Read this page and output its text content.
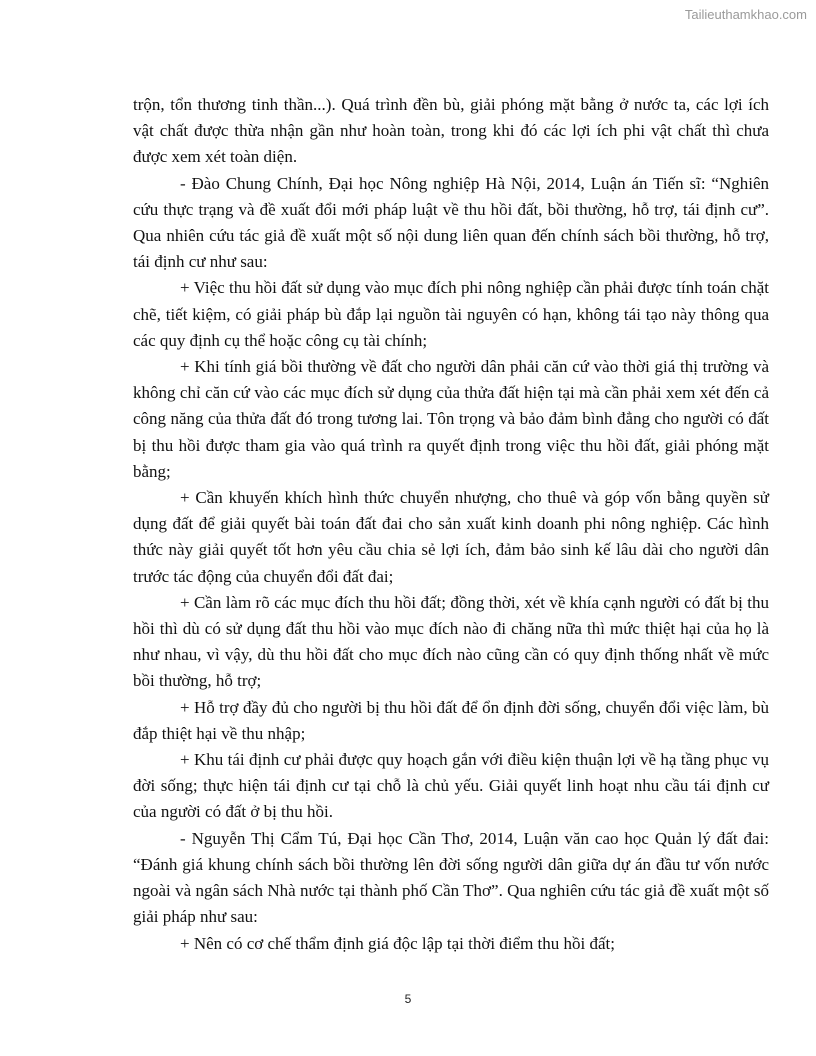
Tailieuthamkhao.com

trộn, tổn thương tinh thần...). Quá trình đền bù, giải phóng mặt bằng ở nước ta, các lợi ích vật chất được thừa nhận gần như hoàn toàn, trong khi đó các lợi ích phi vật chất thì chưa được xem xét toàn diện.

- Đào Chung Chính, Đại học Nông nghiệp Hà Nội, 2014, Luận án Tiến sĩ: “Nghiên cứu thực trạng và đề xuất đổi mới pháp luật về thu hồi đất, bồi thường, hỗ trợ, tái định cư”. Qua nhiên cứu tác giả đề xuất một số nội dung liên quan đến chính sách bồi thường, hỗ trợ, tái định cư như sau:

+ Việc thu hồi đất sử dụng vào mục đích phi nông nghiệp cần phải được tính toán chặt chẽ, tiết kiệm, có giải pháp bù đắp lại nguồn tài nguyên có hạn, không tái tạo này thông qua các quy định cụ thể hoặc công cụ tài chính;

+ Khi tính giá bồi thường về đất cho người dân phải căn cứ vào thời giá thị trường và không chỉ căn cứ vào các mục đích sử dụng của thửa đất hiện tại mà cần phải xem xét đến cả công năng của thửa đất đó trong tương lai. Tôn trọng và bảo đảm bình đẳng cho người có đất bị thu hồi được tham gia vào quá trình ra quyết định trong việc thu hồi đất, giải phóng mặt bằng;

+ Cần khuyến khích hình thức chuyển nhượng, cho thuê và góp vốn bằng quyền sử dụng đất để giải quyết bài toán đất đai cho sản xuất kinh doanh phi nông nghiệp. Các hình thức này giải quyết tốt hơn yêu cầu chia sẻ lợi ích, đảm bảo sinh kế lâu dài cho người dân trước tác động của chuyển đổi đất đai;

+ Cần làm rõ các mục đích thu hồi đất; đồng thời, xét về khía cạnh người có đất bị thu hồi thì dù có sử dụng đất thu hồi vào mục đích nào đi chăng nữa thì mức thiệt hại của họ là như nhau, vì vậy, dù thu hồi đất cho mục đích nào cũng cần có quy định thống nhất về mức bồi thường, hỗ trợ;

+ Hỗ trợ đầy đủ cho người bị thu hồi đất để ổn định đời sống, chuyển đổi việc làm, bù đắp thiệt hại về thu nhập;

+ Khu tái định cư phải được quy hoạch gắn với điều kiện thuận lợi về hạ tầng phục vụ đời sống; thực hiện tái định cư tại chỗ là chủ yếu. Giải quyết linh hoạt nhu cầu tái định cư của người có đất ở bị thu hồi.

- Nguyễn Thị Cẩm Tú, Đại học Cần Thơ, 2014, Luận văn cao học Quản lý đất đai: “Đánh giá khung chính sách bồi thường lên đời sống người dân giữa dự án đầu tư vốn nước ngoài và ngân sách Nhà nước tại thành phố Cần Thơ”. Qua nghiên cứu tác giả đề xuất một số giải pháp như sau:

+ Nên có cơ chế thẩm định giá độc lập tại thời điểm thu hồi đất;

5
